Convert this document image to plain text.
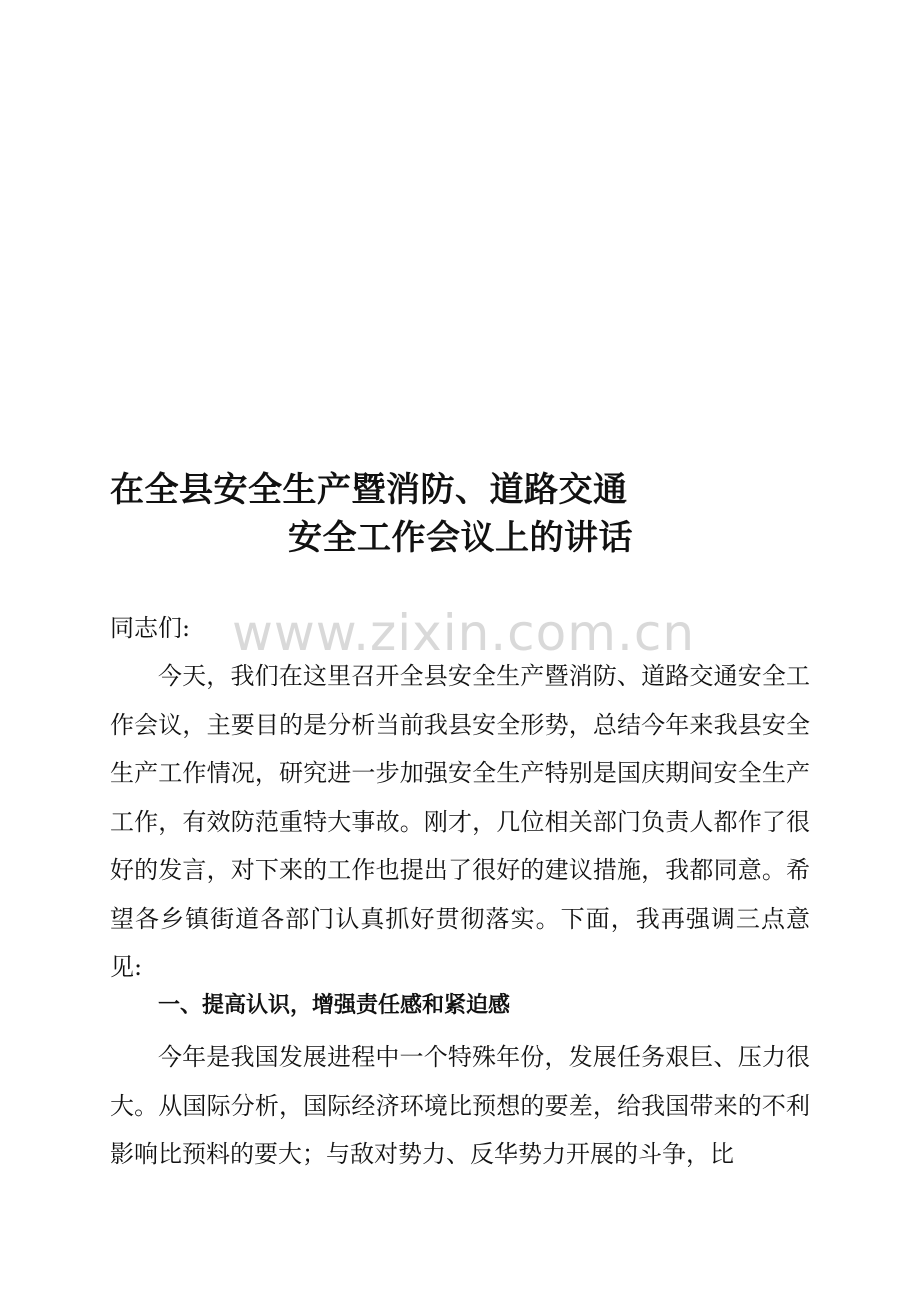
在全县安全生产暨消防、道路交通
安全工作会议上的讲话
www.zixin.com.cn
同志们:
今天，我们在这里召开全县安全生产暨消防、道路交通安全工作会议，主要目的是分析当前我县安全形势，总结今年来我县安全生产工作情况，研究进一步加强安全生产特别是国庆期间安全生产工作，有效防范重特大事故。刚才，几位相关部门负责人都作了很好的发言，对下来的工作也提出了很好的建议措施，我都同意。希望各乡镇街道各部门认真抓好贯彻落实。下面，我再强调三点意见:
一、提高认识，增强责任感和紧迫感
今年是我国发展进程中一个特殊年份，发展任务艰巨、压力很大。从国际分析，国际经济环境比预想的要差，给我国带来的不利影响比预料的要大；与敌对势力、反华势力开展的斗争，比
